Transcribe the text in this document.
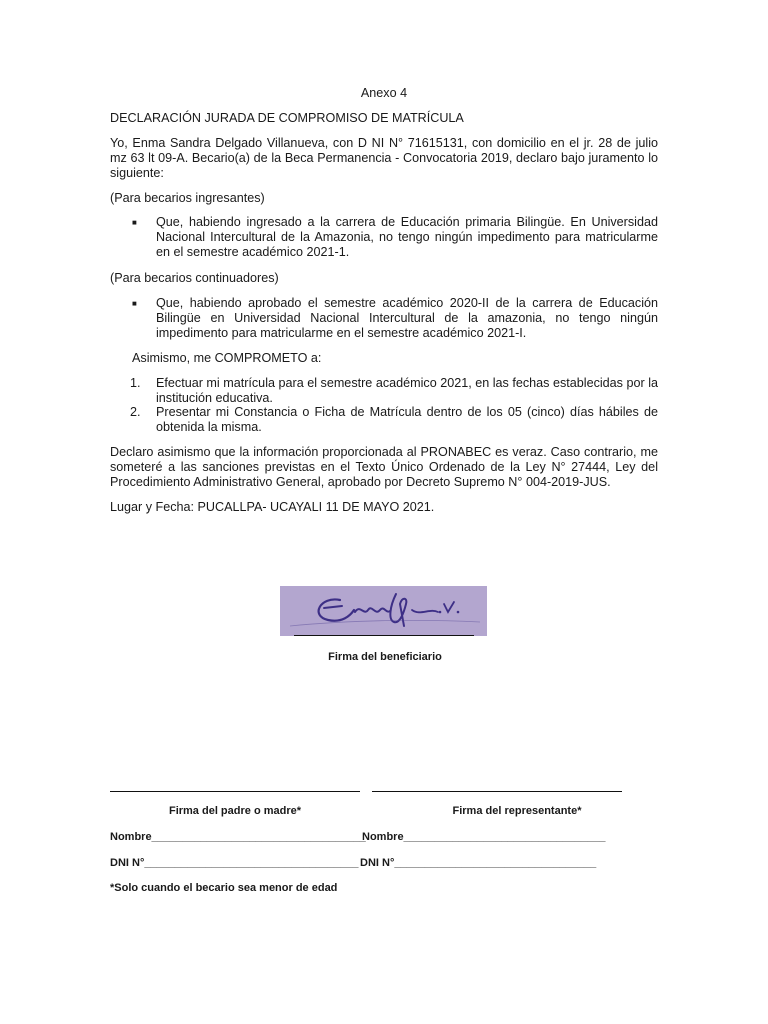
Anexo 4
DECLARACIÓN JURADA DE COMPROMISO DE MATRÍCULA
Yo, Enma Sandra Delgado Villanueva, con D NI N° 71615131, con domicilio en el jr. 28 de julio mz 63 lt 09-A. Becario(a) de la Beca Permanencia - Convocatoria 2019, declaro bajo juramento lo siguiente:
(Para becarios ingresantes)
■ Que, habiendo ingresado a la carrera de Educación primaria Bilingüe. En Universidad Nacional Intercultural de la Amazonia, no tengo ningún impedimento para matricularme en el semestre académico 2021-1.
(Para becarios continuadores)
■ Que, habiendo aprobado el semestre académico 2020-II de la carrera de Educación Bilingüe en Universidad Nacional Intercultural de la amazonia, no tengo ningún impedimento para matricularme en el semestre académico 2021-I.
Asimismo, me COMPROMETO a:
1. Efectuar mi matrícula para el semestre académico 2021, en las fechas establecidas por la institución educativa.
2. Presentar mi Constancia o Ficha de Matrícula dentro de los 05 (cinco) días hábiles de obtenida la misma.
Declaro asimismo que la información proporcionada al PRONABEC es veraz. Caso contrario, me someteré a las sanciones previstas en el Texto Único Ordenado de la Ley N° 27444, Ley del Procedimiento Administrativo General, aprobado por Decreto Supremo N° 004-2019-JUS.
Lugar y Fecha: PUCALLPA- UCAYALI 11 DE MAYO 2021.
Firma del beneficiario
Firma del padre o madre*	Firma del representante*
Nombre___________________________________
Nombre_________________________________
DNI N°___________________________________ DNI N°_________________________________
*Solo cuando el becario sea menor de edad
